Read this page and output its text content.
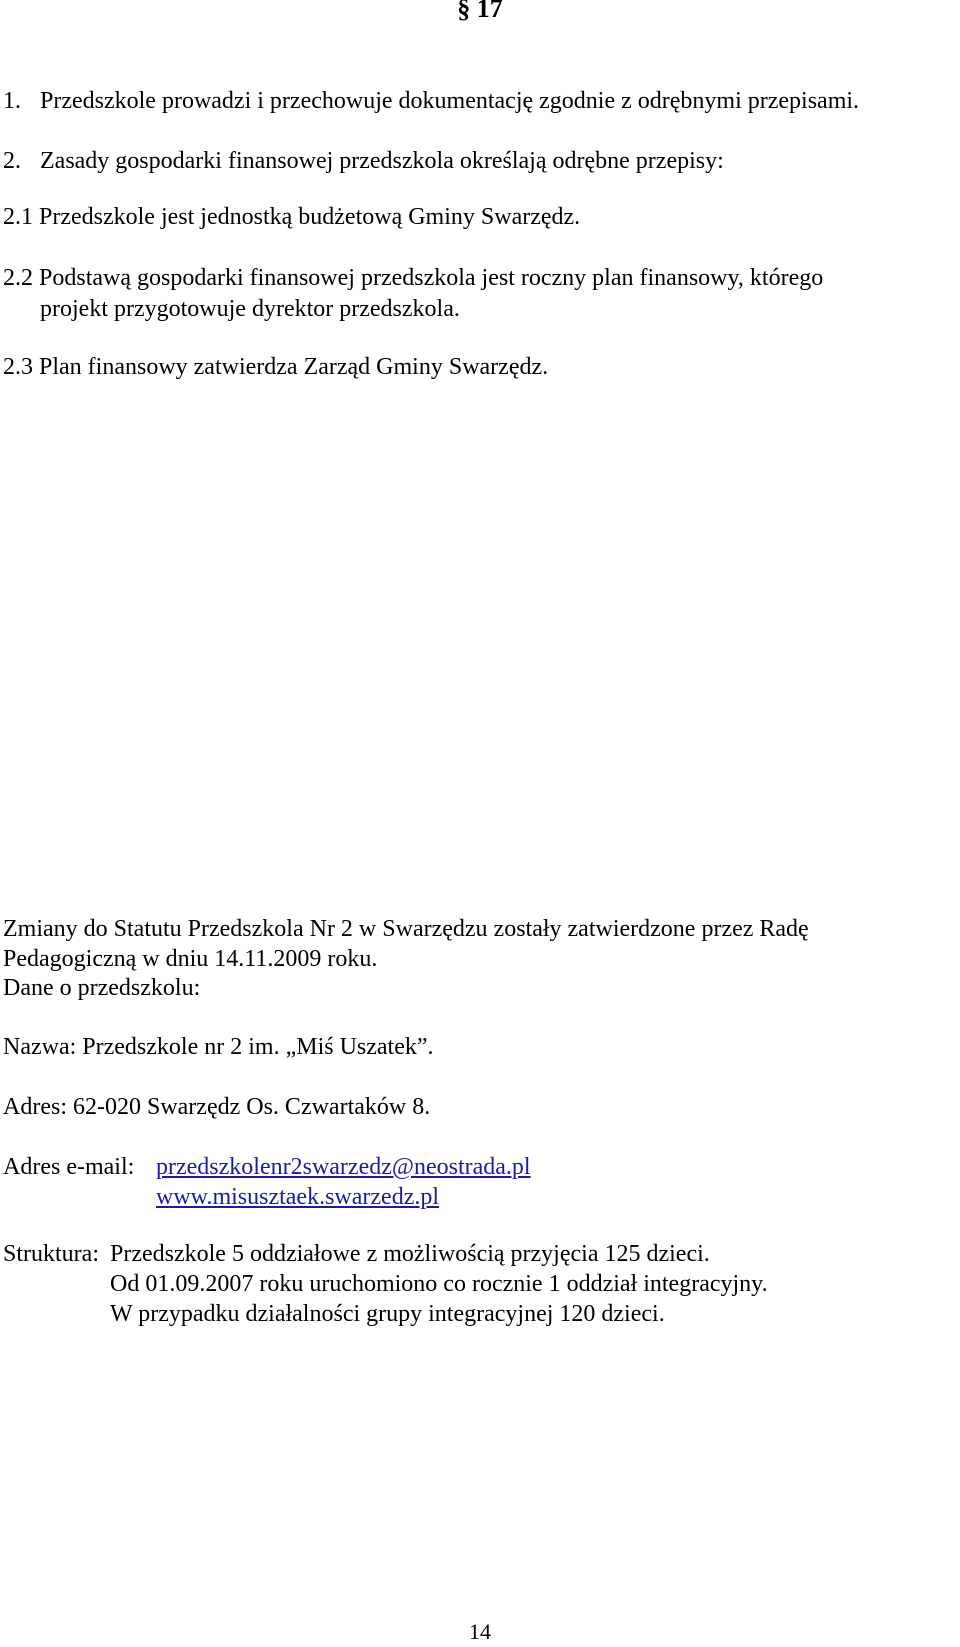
§ 17
1. Przedszkole prowadzi i przechowuje dokumentację zgodnie z odrębnymi przepisami.
2. Zasady gospodarki finansowej przedszkola określają odrębne przepisy:
2.1 Przedszkole jest jednostką budżetową Gminy Swarzędz.
2.2 Podstawą gospodarki finansowej przedszkola jest roczny plan finansowy, którego
projekt przygotowuje dyrektor przedszkola.
2.3 Plan finansowy zatwierdza Zarząd Gminy Swarzędz.
Zmiany do Statutu Przedszkola Nr 2 w Swarzędzu zostały zatwierdzone przez Radę
Pedagogiczną w dniu 14.11.2009 roku.
Dane o przedszkolu:
Nazwa: Przedszkole nr 2 im. „Miś Uszatek”.
Adres: 62-020 Swarzędz Os. Czwartaków 8.
Adres e-mail: przedszkolenr2swarzedz@neostrada.pl
www.misusztaek.swarzedz.pl
Struktura: Przedszkole 5 oddziałowe z możliwością przyjęcia 125 dzieci.
Od 01.09.2007 roku uruchomiono co rocznie 1 oddział integracyjny.
W przypadku działalności grupy integracyjnej 120 dzieci.
14
